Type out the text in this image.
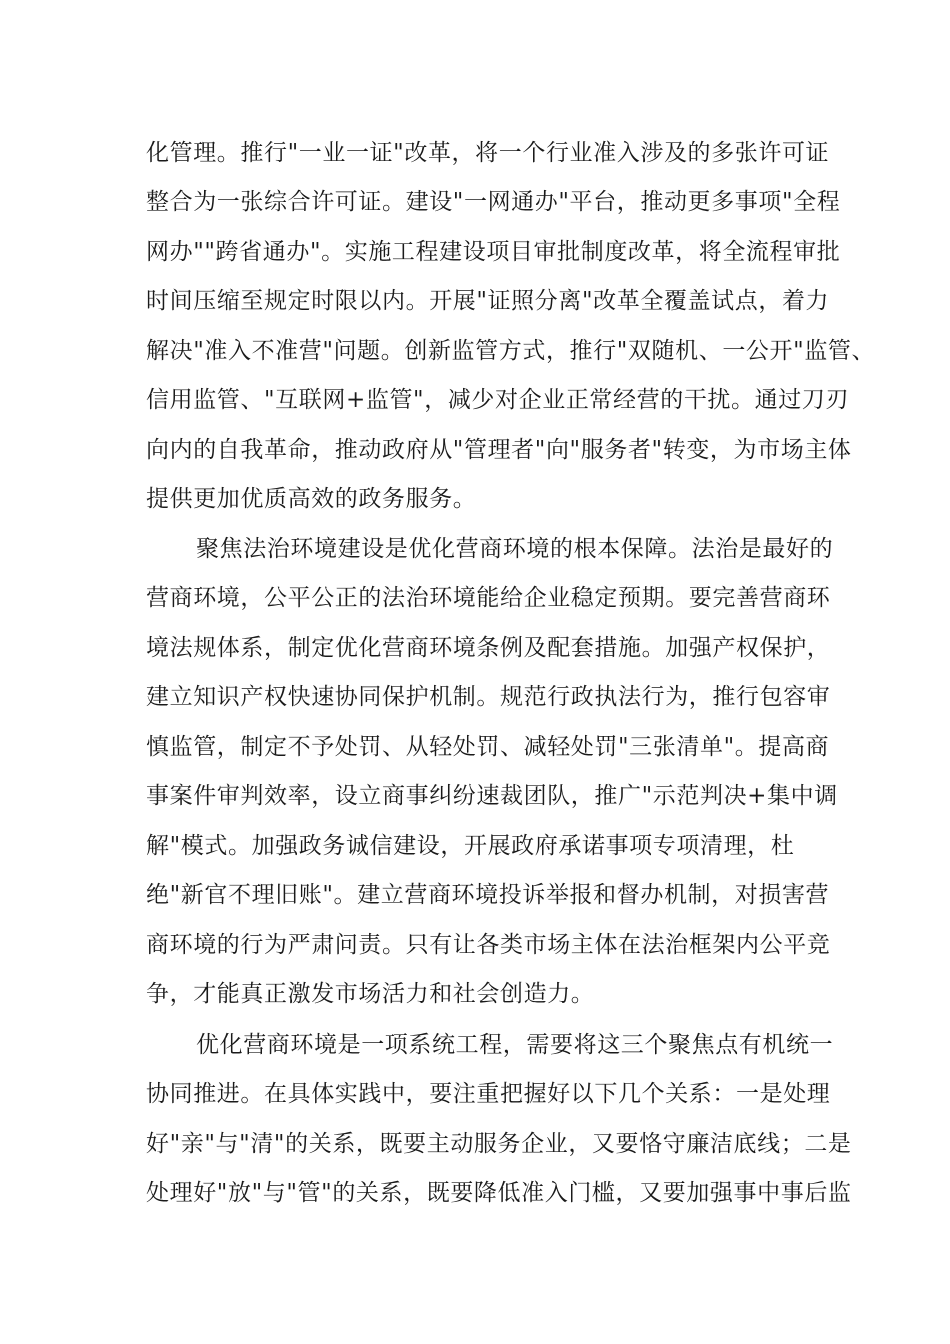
化管理。推行"一业一证"改革，将一个行业准入涉及的多张许可证
整合为一张综合许可证。建设"一网通办"平台，推动更多事项"全程
网办""跨省通办"。实施工程建设项目审批制度改革，将全流程审批
时间压缩至规定时限以内。开展"证照分离"改革全覆盖试点，着力
解决"准入不准营"问题。创新监管方式，推行"双随机、一公开"监管、
信用监管、"互联网+监管"，减少对企业正常经营的干扰。通过刀刃
向内的自我革命，推动政府从"管理者"向"服务者"转变，为市场主体
提供更加优质高效的政务服务。
聚焦法治环境建设是优化营商环境的根本保障。法治是最好的
营商环境，公平公正的法治环境能给企业稳定预期。要完善营商环
境法规体系，制定优化营商环境条例及配套措施。加强产权保护，
建立知识产权快速协同保护机制。规范行政执法行为，推行包容审
慎监管，制定不予处罚、从轻处罚、减轻处罚"三张清单"。提高商
事案件审判效率，设立商事纠纷速裁团队，推广"示范判决+集中调
解"模式。加强政务诚信建设，开展政府承诺事项专项清理，杜
绝"新官不理旧账"。建立营商环境投诉举报和督办机制，对损害营
商环境的行为严肃问责。只有让各类市场主体在法治框架内公平竞
争，才能真正激发市场活力和社会创造力。
优化营商环境是一项系统工程，需要将这三个聚焦点有机统一
协同推进。在具体实践中，要注重把握好以下几个关系：一是处理
好"亲"与"清"的关系，既要主动服务企业，又要恪守廉洁底线；二是
处理好"放"与"管"的关系，既要降低准入门槛，又要加强事中事后监
